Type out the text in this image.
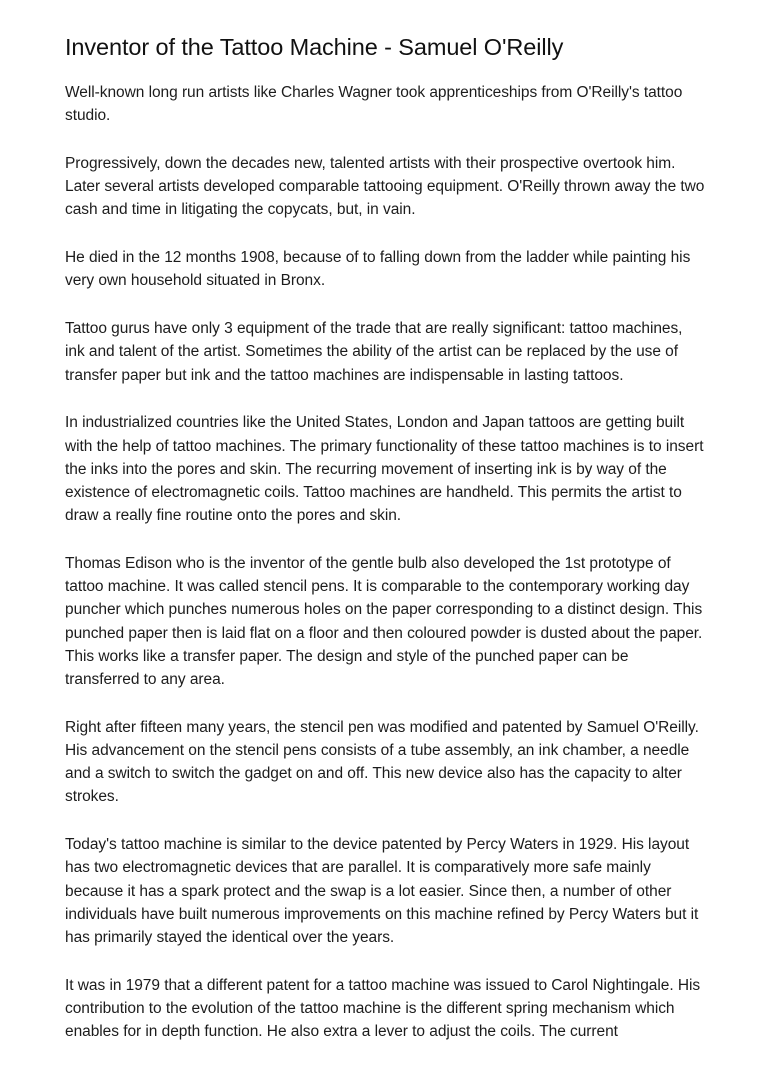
Inventor of the Tattoo Machine - Samuel O'Reilly

Well-known long run artists like Charles Wagner took apprenticeships from O'Reilly's tattoo studio.

Progressively, down the decades new, talented artists with their prospective overtook him. Later several artists developed comparable tattooing equipment. O'Reilly thrown away the two cash and time in litigating the copycats, but, in vain.

He died in the 12 months 1908, because of to falling down from the ladder while painting his very own household situated in Bronx.

Tattoo gurus have only 3 equipment of the trade that are really significant: tattoo machines, ink and talent of the artist. Sometimes the ability of the artist can be replaced by the use of transfer paper but ink and the tattoo machines are indispensable in lasting tattoos.

In industrialized countries like the United States, London and Japan tattoos are getting built with the help of tattoo machines. The primary functionality of these tattoo machines is to insert the inks into the pores and skin. The recurring movement of inserting ink is by way of the existence of electromagnetic coils. Tattoo machines are handheld. This permits the artist to draw a really fine routine onto the pores and skin.

Thomas Edison who is the inventor of the gentle bulb also developed the 1st prototype of tattoo machine. It was called stencil pens. It is comparable to the contemporary working day puncher which punches numerous holes on the paper corresponding to a distinct design. This punched paper then is laid flat on a floor and then coloured powder is dusted about the paper. This works like a transfer paper. The design and style of the punched paper can be transferred to any area.

Right after fifteen many years, the stencil pen was modified and patented by Samuel O'Reilly. His advancement on the stencil pens consists of a tube assembly, an ink chamber, a needle and a switch to switch the gadget on and off. This new device also has the capacity to alter strokes.

Today's tattoo machine is similar to the device patented by Percy Waters in 1929. His layout has two electromagnetic devices that are parallel. It is comparatively more safe mainly because it has a spark protect and the swap is a lot easier. Since then, a number of other individuals have built numerous improvements on this machine refined by Percy Waters but it has primarily stayed the identical over the years.

It was in 1979 that a different patent for a tattoo machine was issued to Carol Nightingale. His contribution to the evolution of the tattoo machine is the different spring mechanism which enables for in depth function. He also extra a lever to adjust the coils. The current
